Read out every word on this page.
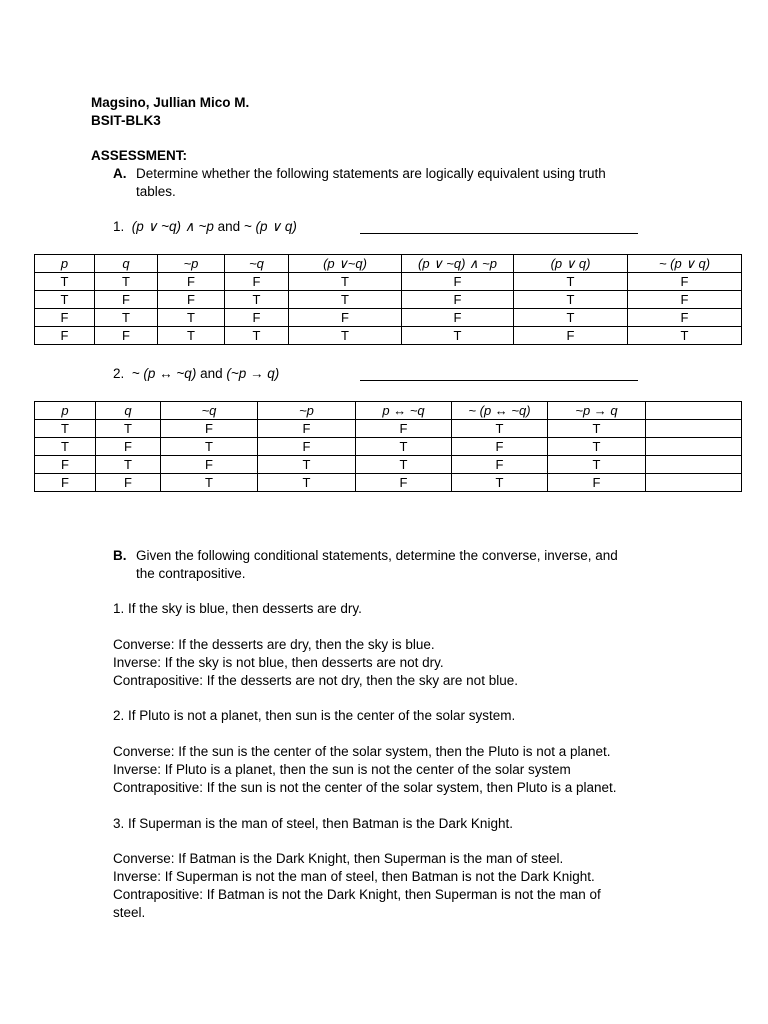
Magsino, Jullian Mico M.
BSIT-BLK3
ASSESSMENT:
A. Determine whether the following statements are logically equivalent using truth
tables.
1. (p ∨ ~q) ∧ ~p and ~ (p ∨ q)
p	q	~p	~q	(p ∨~q)	(p ∨ ~q) ∧ ~p	(p ∨ q)	~ (p ∨ q)
T	T	F	F	T	F	T	F
T	F	F	T	T	F	T	F
F	T	T	F	F	F	T	F
F	F	T	T	T	T	F	T
2. ~ (p ↔ ~q) and (~p → q)
p	q	~q	~p	p ↔ ~q	~ (p ↔ ~q)	~p → q	
T	T	F	F	F	T	T	
T	F	T	F	T	F	T	
F	T	F	T	T	F	T	
F	F	T	T	F	T	F	
B. Given the following conditional statements, determine the converse, inverse, and
the contrapositive.
1. If the sky is blue, then desserts are dry.
Converse: If the desserts are dry, then the sky is blue.
Inverse: If the sky is not blue, then desserts are not dry.
Contrapositive: If the desserts are not dry, then the sky are not blue.
2. If Pluto is not a planet, then sun is the center of the solar system.
Converse: If the sun is the center of the solar system, then the Pluto is not a planet.
Inverse: If Pluto is a planet, then the sun is not the center of the solar system
Contrapositive: If the sun is not the center of the solar system, then Pluto is a planet.
3. If Superman is the man of steel, then Batman is the Dark Knight.
Converse: If Batman is the Dark Knight, then Superman is the man of steel.
Inverse: If Superman is not the man of steel, then Batman is not the Dark Knight.
Contrapositive: If Batman is not the Dark Knight, then Superman is not the man of
steel.
